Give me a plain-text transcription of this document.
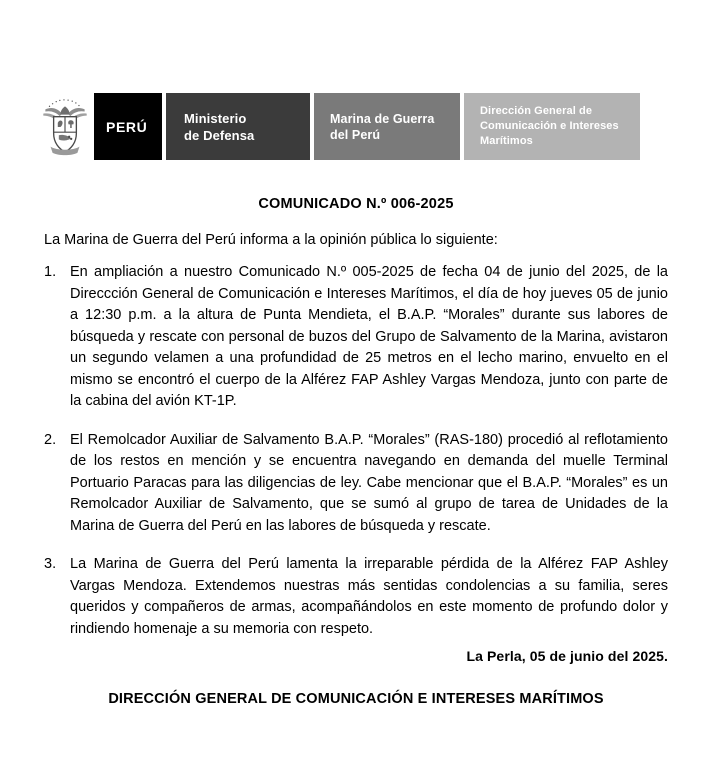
PERÚ
Ministerio
de Defensa
Marina de Guerra
del Perú
Dirección General de
Comunicación e Intereses
Marítimos
COMUNICADO N.º 006-2025
La Marina de Guerra del Perú informa a la opinión pública lo siguiente:
1. En ampliación a nuestro Comunicado N.º 005-2025 de fecha 04 de junio del 2025, de la Direccción General de Comunicación e Intereses Marítimos, el día de hoy jueves 05 de junio a 12:30 p.m. a la altura de Punta Mendieta, el B.A.P. “Morales” durante sus labores de búsqueda y rescate con personal de buzos del Grupo de Salvamento de la Marina, avistaron un segundo velamen a una profundidad de 25 metros en el lecho marino, envuelto en el mismo se encontró el cuerpo de la Alférez FAP Ashley Vargas Mendoza, junto con parte de la cabina del avión KT-1P.
2. El Remolcador Auxiliar de Salvamento B.A.P. “Morales” (RAS-180) procedió al reflotamiento de los restos en mención y se encuentra navegando en demanda del muelle Terminal Portuario Paracas para las diligencias de ley. Cabe mencionar que el B.A.P. “Morales” es un Remolcador Auxiliar de Salvamento, que se sumó al grupo de tarea de Unidades de la Marina de Guerra del Perú en las labores de búsqueda y rescate.
3. La Marina de Guerra del Perú lamenta la irreparable pérdida de la Alférez FAP Ashley Vargas Mendoza. Extendemos nuestras más sentidas condolencias a su familia, seres queridos y compañeros de armas, acompañándolos en este momento de profundo dolor y rindiendo homenaje a su memoria con respeto.
La Perla, 05 de junio del 2025.
DIRECCIÓN GENERAL DE COMUNICACIÓN E INTERESES MARÍTIMOS
